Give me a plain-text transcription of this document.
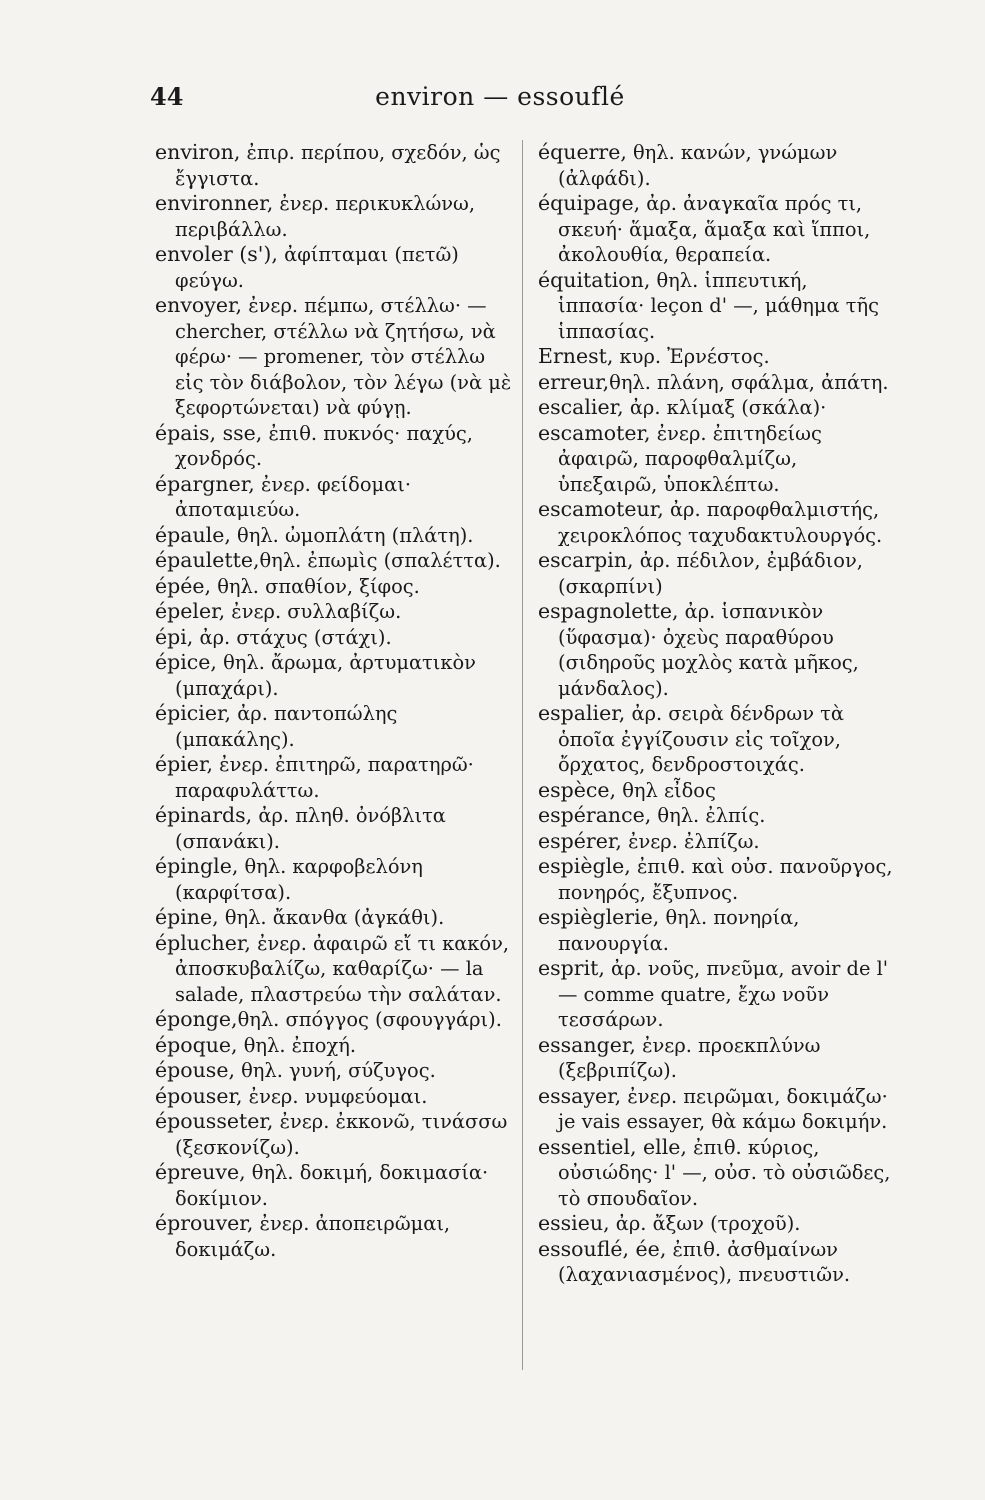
44	environ — essouflé

environ, ἐπιρ. περίπου, σχεδόν, ὡς ἔγγιστα.

environner, ἐνερ. περικυκλώνω, περιβάλλω.

envoler (s'), ἀφίπταμαι (πετῶ) φεύγω.

envoyer, ἐνερ. πέμπω, στέλλω· — chercher, στέλλω νὰ ζητήσω, νὰ φέρω· — promener, τὸν στέλλω εἰς τὸν διάβολον, τὸν λέγω (νὰ μὲ ξεφορτώνεται) νὰ φύγῃ.

épais, sse, ἐπιθ. πυκνός· παχύς, χονδρός.

épargner, ἐνερ. φείδομαι· ἀποταμιεύω.

épaule, θηλ. ὠμοπλάτη (πλάτη).

épaulette,θηλ. ἐπωμὶς (σπαλέττα).

épée, θηλ. σπαθίον, ξίφος.

épeler, ἐνερ. συλλαβίζω.

épi, ἀρ. στάχυς (στάχι).

épice, θηλ. ἄρωμα, ἀρτυματικὸν (μπαχάρι).

épicier, ἀρ. παντοπώλης (μπακάλης).

épier, ἐνερ. ἐπιτηρῶ, παρατηρῶ· παραφυλάττω.

épinards, ἀρ. πληθ. ὀνόβλιτα (σπανάκι).

épingle, θηλ. καρφοβελόνη (καρφίτσα).

épine, θηλ. ἄκανθα (ἀγκάθι).

éplucher, ἐνερ. ἀφαιρῶ εἴ τι κακόν, ἀποσκυβαλίζω, καθαρίζω· — la salade, πλαστρεύω τὴν σαλάταν.

éponge,θηλ. σπόγγος (σφουγγάρι).

époque, θηλ. ἐποχή.

épouse, θηλ. γυνή, σύζυγος.

épouser, ἐνερ. νυμφεύομαι.

épousseter, ἐνερ. ἐκκονῶ, τινάσσω (ξεσκονίζω).

épreuve, θηλ. δοκιμή, δοκιμασία· δοκίμιον.

éprouver, ἐνερ. ἀποπειρῶμαι, δοκιμάζω.

équerre, θηλ. κανών, γνώμων (ἀλφάδι).

équipage, ἀρ. ἀναγκαῖα πρός τι, σκευή· ἅμαξα, ἅμαξα καὶ ἵπποι, ἀκολουθία, θεραπεία.

équitation, θηλ. ἱππευτική, ἱππασία· leçon d' —, μάθημα τῆς ἱππασίας.

Ernest, κυρ. Ἐρνέστος.

erreur,θηλ. πλάνη, σφάλμα, ἀπάτη.

escalier, ἀρ. κλίμαξ (σκάλα)·

escamoter, ἐνερ. ἐπιτηδείως ἀφαιρῶ, παροφθαλμίζω, ὑπεξαιρῶ, ὑποκλέπτω.

escamoteur, ἀρ. παροφθαλμιστής, χειροκλόπος ταχυδακτυλουργός.

escarpin, ἀρ. πέδιλον, ἐμβάδιον, (σκαρπίνι)

espagnolette, ἀρ. ἱσπανικὸν (ὕφασμα)· ὀχεὺς παραθύρου (σιδηροῦς μοχλὸς κατὰ μῆκος, μάνδαλος).

espalier, ἀρ. σειρὰ δένδρων τὰ ὁποῖα ἐγγίζουσιν εἰς τοῖχον, ὄρχατος, δενδροστοιχάς.

espèce, θηλ εἶδος

espérance, θηλ. ἐλπίς.

espérer, ἐνερ. ἐλπίζω.

espiègle, ἐπιθ. καὶ οὐσ. πανοῦργος, πονηρός, ἔξυπνος.

espièglerie, θηλ. πονηρία, πανουργία.

esprit, ἀρ. νοῦς, πνεῦμα, avoir de l' — comme quatre, ἔχω νοῦν τεσσάρων.

essanger, ἐνερ. προεκπλύνω (ξεβριπίζω).

essayer, ἐνερ. πειρῶμαι, δοκιμάζω· je vais essayer, θὰ κάμω δοκιμήν.

essentiel, elle, ἐπιθ. κύριος, οὐσιώδης· l' —, οὐσ. τὸ οὐσιῶδες, τὸ σπουδαῖον.

essieu, ἀρ. ἄξων (τροχοῦ).

essouflé, ée, ἐπιθ. ἀσθμαίνων (λαχανιασμένος), πνευστιῶν.
